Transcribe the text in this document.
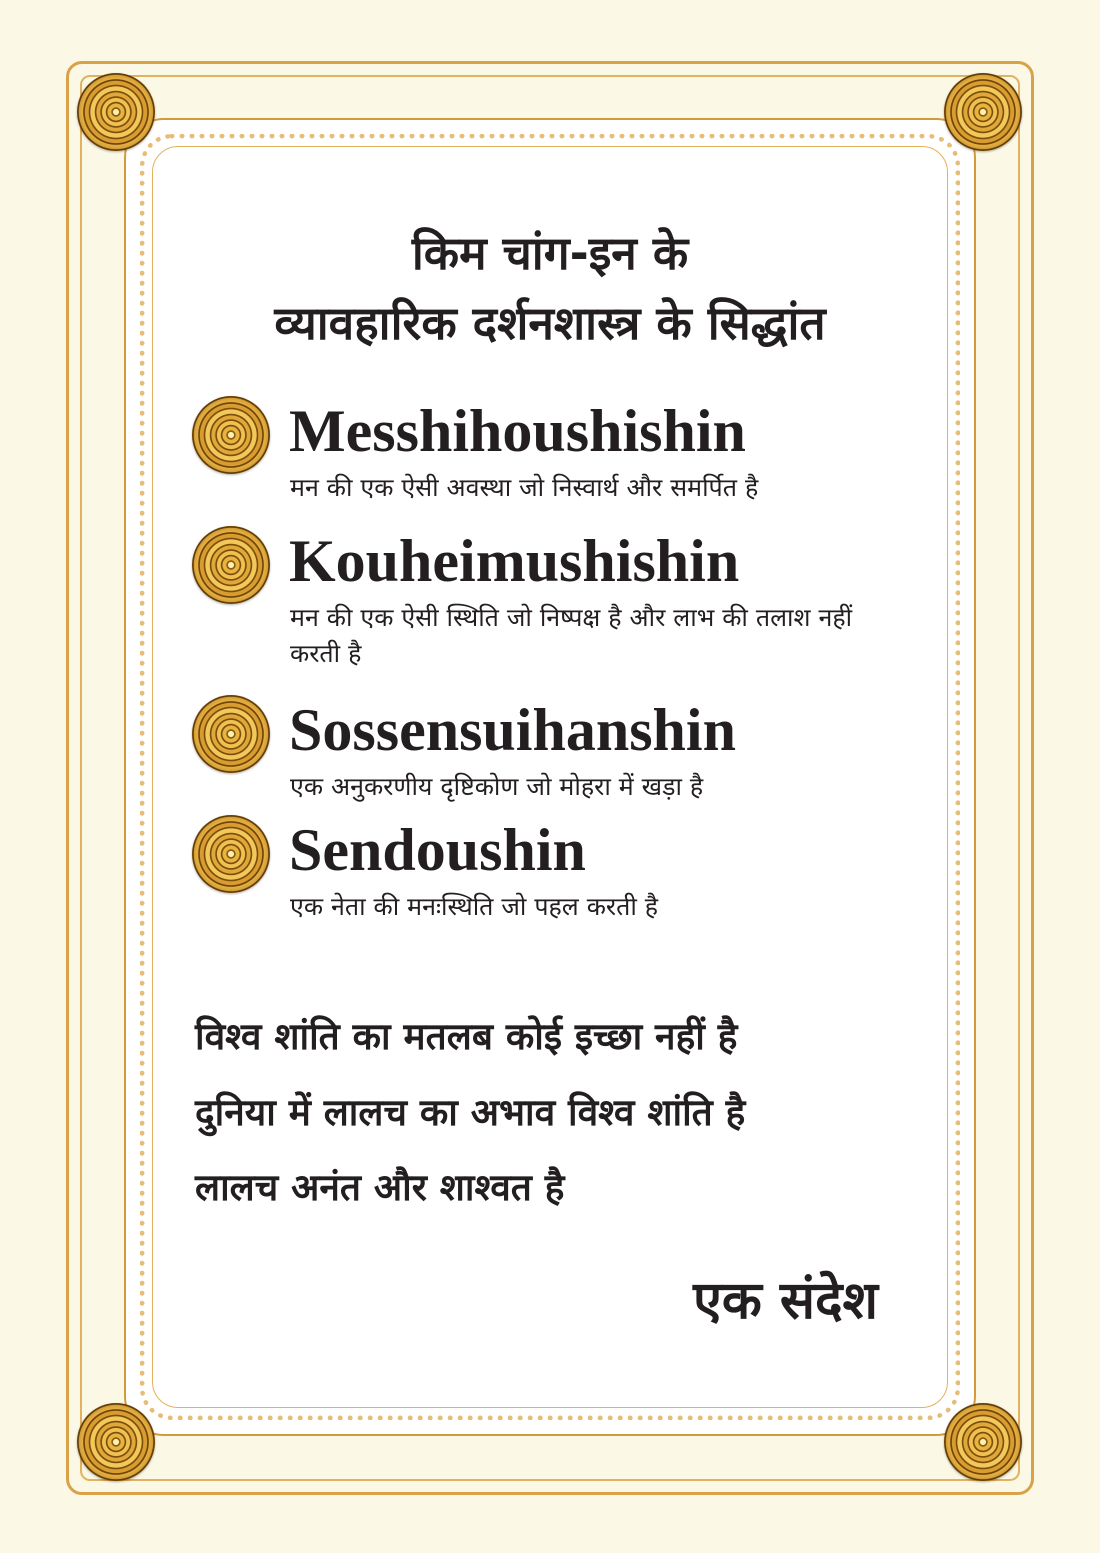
किम चांग-इन के
व्यावहारिक दर्शनशास्त्र के सिद्धांत
Messhihoushishin
मन की एक ऐसी अवस्था जो निस्वार्थ और समर्पित है
Kouheimushishin
मन की एक ऐसी स्थिति जो निष्पक्ष है और लाभ की तलाश नहीं करती है
Sossensuihanshin
एक अनुकरणीय दृष्टिकोण जो मोहरा में खड़ा है
Sendoushin
एक नेता की मनःस्थिति जो पहल करती है
विश्व शांति का मतलब कोई इच्छा नहीं है
दुनिया में लालच का अभाव विश्व शांति है
लालच अनंत और शाश्वत है
एक संदेश
